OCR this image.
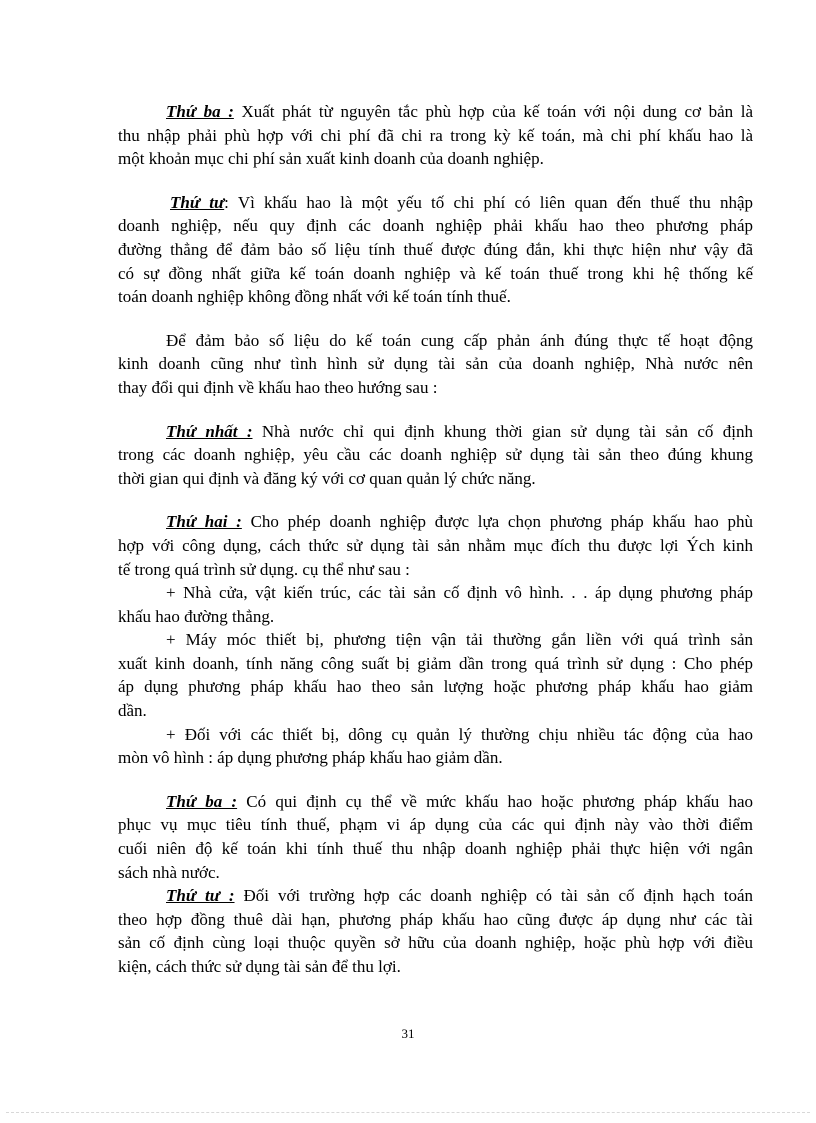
Thứ ba : Xuất phát từ nguyên tắc phù hợp của kế toán với nội dung cơ bản là
thu nhập phải phù hợp với chi phí đã chi ra trong kỳ kế toán, mà chi phí khấu hao là
một khoản mục chi phí sản xuất kinh doanh của doanh nghiệp.

Thứ tư: Vì khấu hao là một yếu tố chi phí có liên quan đến thuế thu nhập
doanh nghiệp, nếu quy định các doanh nghiệp phải khấu hao theo phương pháp
đường thẳng để đảm bảo số liệu tính thuế được đúng đắn, khi thực hiện như vậy đã
có sự đồng nhất giữa kế toán doanh nghiệp và kế toán thuế trong khi hệ thống kế
toán doanh nghiệp không đồng nhất với kế toán tính thuế.

Để đảm bảo số liệu do kế toán cung cấp phản ánh đúng thực tế hoạt động
kinh doanh cũng như tình hình sử dụng tài sản của doanh nghiệp, Nhà nước nên
thay đổi qui định về khấu hao theo hướng sau :

Thứ nhất : Nhà nước chỉ qui định khung thời gian sử dụng tài sản cố định
trong các doanh nghiệp, yêu cầu các doanh nghiệp sử dụng tài sản theo đúng khung
thời gian qui định và đăng ký với cơ quan quản lý chức năng.

Thứ hai : Cho phép doanh nghiệp được lựa chọn phương pháp khấu hao phù
hợp với công dụng, cách thức sử dụng tài sản nhằm mục đích thu được lợi Ých kinh
tế trong quá trình sử dụng. cụ thể như sau :

+ Nhà cửa, vật kiến trúc, các tài sản cố định vô hình. . . áp dụng phương pháp
khấu hao đường thẳng.

+ Máy móc thiết bị, phương tiện vận tải thường gắn liền với quá trình sản
xuất kinh doanh, tính năng công suất bị giảm dần trong quá trình sử dụng : Cho phép
áp dụng phương pháp khấu hao theo sản lượng hoặc phương pháp khấu hao giảm
dần.

+ Đối với các thiết bị, dông cụ quản lý thường chịu nhiều tác động của hao
mòn vô hình : áp dụng phương pháp khấu hao giảm dần.

Thứ ba : Có qui định cụ thể về mức khấu hao hoặc phương pháp khấu hao
phục vụ mục tiêu tính thuế, phạm vi áp dụng của các qui định này vào thời điểm
cuối niên độ kế toán khi tính thuế thu nhập doanh nghiệp phải thực hiện với ngân
sách nhà nước.

Thứ tư : Đối với trường hợp các doanh nghiệp có tài sản cố định hạch toán
theo hợp đồng thuê dài hạn, phương pháp khấu hao cũng được áp dụng như các tài
sản cố định cùng loại thuộc quyền sở hữu của doanh nghiệp, hoặc phù hợp với điều
kiện, cách thức sử dụng tài sản để thu lợi.

31
